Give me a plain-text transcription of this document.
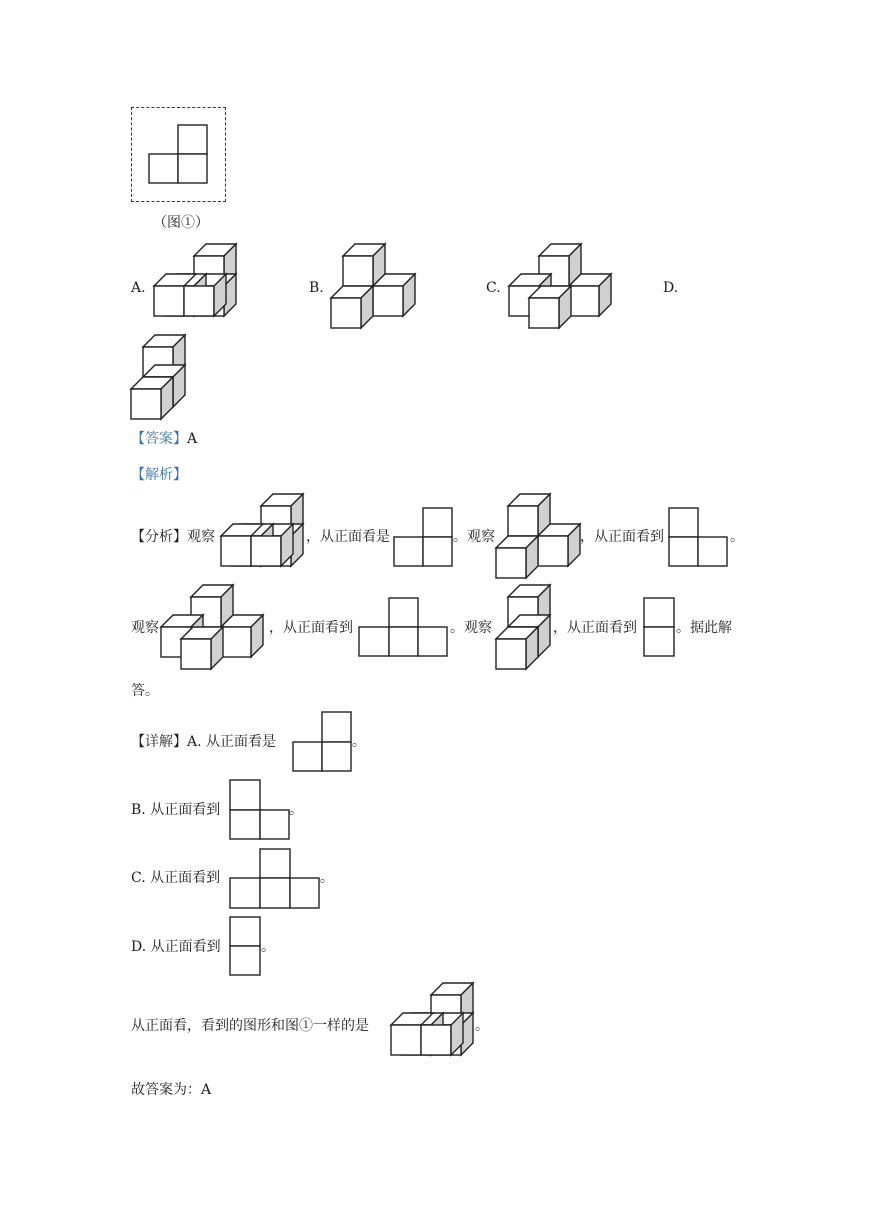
（图①）
A.	B.	C.	D.
【答案】A
【解析】
【分析】观察	，从正面看是	。观察	，从正面看到	。
观察	，从正面看到	。观察	，从正面看到	。据此解
答。
【详解】A. 从正面看是	。
B. 从正面看到	。
C. 从正面看到	。
D. 从正面看到	。
从正面看，看到的图形和图①一样的是	。
故答案为：A
